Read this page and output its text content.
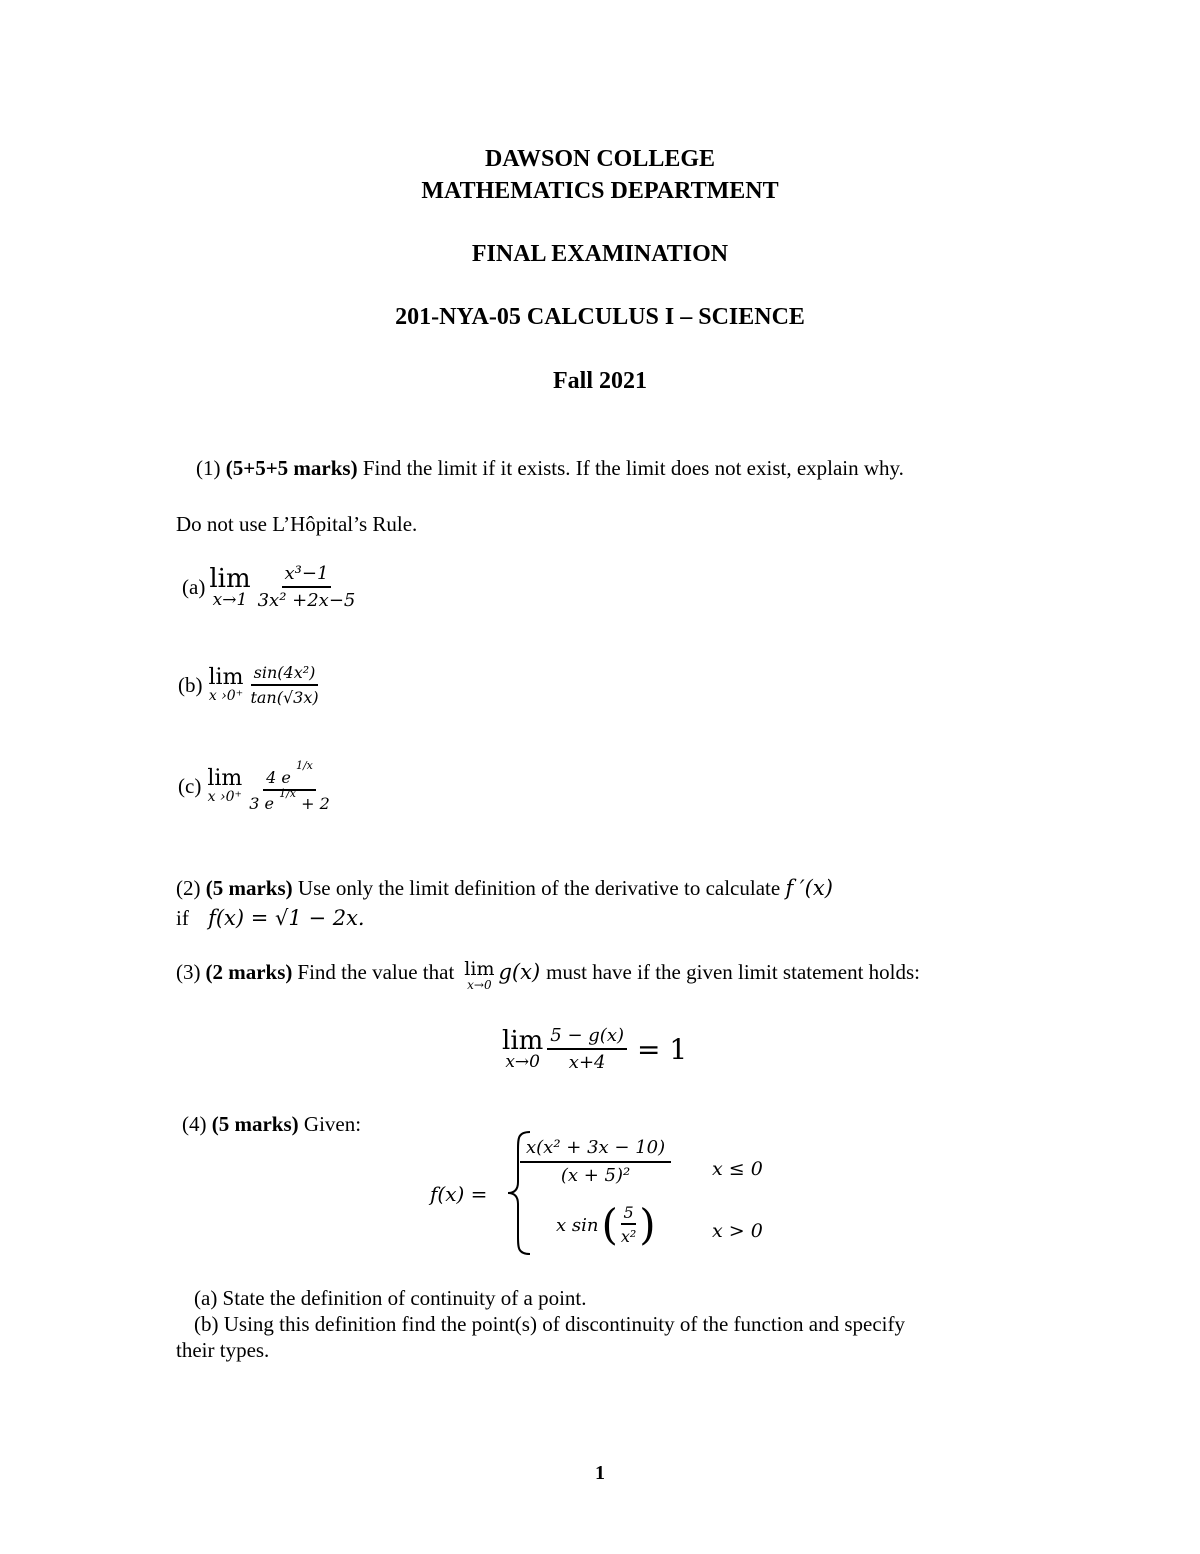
DAWSON COLLEGE
MATHEMATICS DEPARTMENT
FINAL EXAMINATION
201-NYA-05 CALCULUS I – SCIENCE
Fall 2021
(1) (5+5+5 marks) Find the limit if it exists. If the limit does not exist, explain why.
Do not use L’Hôpital’s Rule.
(a) lim
$x\to 1 \frac{\text{x³−1}}{\text{3x² +2x−5}}$
(b) lim
x ›0⁺ $\frac{\text{sin(4x²)}}{\tan(√3x)}$
(c) lim
x ›0⁺ $\frac{4 e ^{1/x}}{3 e ^{1/x} + 2}$
(2) (5 marks) Use only the limit definition of the derivative to calculate f ′(x)
if f(x) = √1 − 2x.
(3) (2 marks) Find the value that lim
x→0
g(x) must have if the given limit statement holds:
lim
$x\to 0 \frac{5 - g(x)}{x+4} = 1$
(4) (5 marks) Given:
f(x) =
$\frac{\text{x(x² + 3x − 10)}}{\text{(x + 5)²}}$ x ≤ 0
x sin ( $\frac{5}{\text{x²}}$ )	x > 0
(a) State the definition of continuity of a point.
(b) Using this definition find the point(s) of discontinuity of the function and specify
their types.
1
